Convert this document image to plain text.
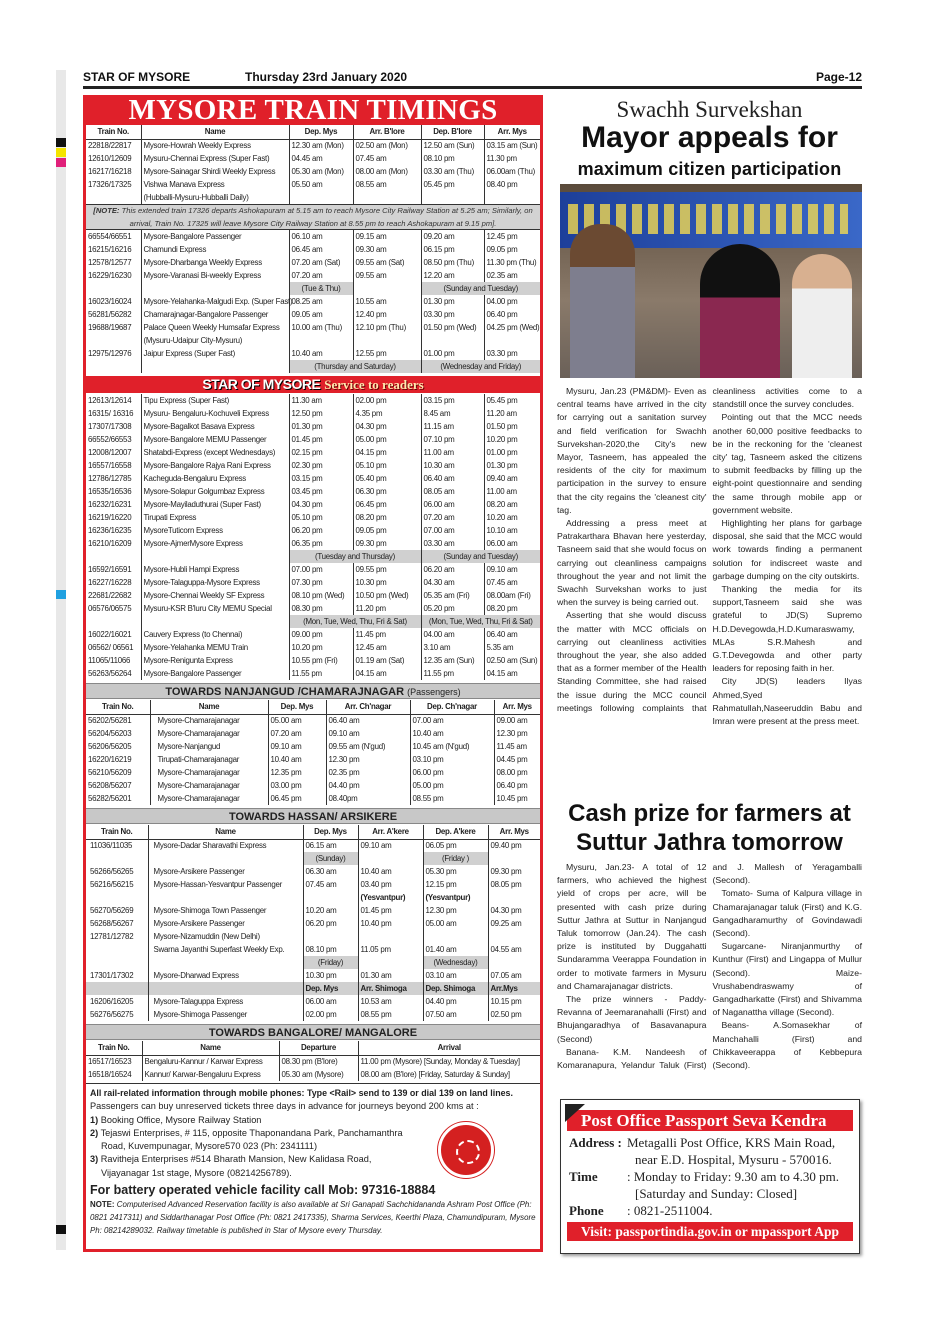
STAR OF MYSORE	Thursday 23rd January 2020	Page-12
MYSORE TRAIN TIMINGS
Train No.	Name	Dep. Mys	Arr. B'lore	Dep. B'lore	Arr. Mys
22818/22817	Mysore-Howrah Weekly Express	12.30 am (Mon)	02.50 am (Mon)	12.50 am (Sun)	03.15 am (Sun)
12610/12609	Mysuru-Chennai Express (Super Fast)	04.45 am	07.45 am	08.10 pm	11.30 pm
16217/16218	Mysore-Sainagar Shirdi Weekly Express	05.30 am (Mon)	08.00 am (Mon)	03.30 am (Thu)	06.00am (Thu)
17326/17325	Vishwa Manava Express	05.50 am	08.55 am	05.45 pm	08.40 pm
	(Hubballi-Mysuru-Hubballi Daily)				
[NOTE: This extended train 17326 departs Ashokapuram at 5.15 am to reach Mysore City Railway Station at 5.25 am; Similarly, on arrival, Train No. 17325 will leave Mysore City Railway Station at 8.55 pm to reach Ashokapuram at 9.15 pm].
66554/66551	Mysore-Bangalore Passenger	06.10 am	09.15 am	09.20 am	12.45 pm
16215/16216	Chamundi Express	06.45 am	09.30 am	06.15 pm	09.05 pm
12578/12577	Mysore-Dharbanga Weekly Express	07.20 am (Sat)	09.55 am (Sat)	08.50 pm (Thu)	11.30 pm (Thu)
16229/16230	Mysore-Varanasi Bi-weekly Express	07.20 am	09.55 am	12.20 am	02.35 am
		(Tue & Thu)		(Sunday and Tuesday)	
16023/16024	Mysore-Yelahanka-Malgudi Exp. (Super Fast)	08.25 am	10.55 am	01.30 pm	04.00 pm
56281/56282	Chamarajnagar-Bangalore Passenger	09.05 am	12.40 pm	03.30 pm	06.40 pm
19688/19687	Palace Queen Weekly Humsafar Express	10.00 am (Thu)	12.10 pm (Thu)	01.50 pm (Wed)	04.25 pm (Wed)
	(Mysuru-Udaipur City-Mysuru)				
12975/12976	Jaipur Express (Super Fast)	10.40 am	12.55 pm	01.00 pm	03.30 pm
		(Thursday and Saturday)		(Wednesday and Friday)	
STAR OF MYSORE Service to readers
12613/12614	Tipu Express (Super Fast)	11.30 am	02.00 pm	03.15 pm	05.45 pm
16315/ 16316	Mysuru- Bengaluru-Kochuveli Express	12.50 pm	4.35 pm	8.45 am	11.20 am
17307/17308	Mysore-Bagalkot Basava Express	01.30 pm	04.30 pm	11.15 am	01.50 pm
66552/66553	Mysore-Bangalore MEMU Passenger	01.45 pm	05.00 pm	07.10 pm	10.20 pm
12008/12007	Shatabdi-Express (except Wednesdays)	02.15 pm	04.15 pm	11.00 am	01.00 pm
16557/16558	Mysore-Bangalore Rajya Rani Express	02.30 pm	05.10 pm	10.30 am	01.30 pm
12786/12785	Kacheguda-Bengaluru Express	03.15 pm	05.40 pm	06.40 am	09.40 am
16535/16536	Mysore-Solapur Golgumbaz Express	03.45 pm	06.30 pm	08.05 am	11.00 am
16232/16231	Mysore-Mayiladuthurai (Super Fast)	04.30 pm	06.45 pm	06.00 am	08.20 am
16219/16220	Tirupati Express	05.10 pm	08.20 pm	07.20 am	10.20 am
16236/16235	MysoreTuticorn Express	06.20 pm	09.05 pm	07.00 am	10.10 am
16210/16209	Mysore-AjmerMysore Express	06.35 pm	09.30 pm	03.30 am	06.00 am
		(Tuesday and Thursday)		(Sunday and Tuesday)	
16592/16591	Mysore-Hubli Hampi Express	07.00 pm	09.55 pm	06.20 am	09.10 am
16227/16228	Mysore-Talaguppa-Mysore Express	07.30 pm	10.30 pm	04.30 am	07.45 am
22681/22682	Mysore-Chennai Weekly SF Express	08.10 pm (Wed)	10.50 pm (Wed)	05.35 am (Fri)	08.00am (Fri)
06576/06575	Mysuru-KSR B'luru City MEMU Special	08.30 pm	11.20 pm	05.20 pm	08.20 pm
		(Mon, Tue, Wed, Thu, Fri & Sat)		(Mon, Tue, Wed, Thu, Fri & Sat)	
16022/16021	Cauvery Express (to Chennai)	09.00 pm	11.45 pm	04.00 am	06.40 am
06562/ 06561	Mysore-Yelahanka MEMU Train	10.20 pm	12.45 am	3.10 am	5.35 am
11065/11066	Mysore-Renigunta Express	10.55 pm (Fri)	01.19 am (Sat)	12.35 am (Sun)	02.50 am (Sun)
56263/56264	Mysore-Bangalore Passenger	11.55 pm	04.15 am	11.55 pm	04.15 am
TOWARDS NANJANGUD /CHAMARAJNAGAR (Passengers)
Train No.	Name	Dep. Mys	Arr. Ch'nagar	Dep. Ch'nagar	Arr. Mys
56202/56281	Mysore-Chamarajanagar	05.00 am	06.40 am	07.00 am	09.00 am
56204/56203	Mysore-Chamarajanagar	07.20 am	09.10 am	10.40 am	12.30 pm
56206/56205	Mysore-Nanjangud	09.10 am	09.55 am (N'gud)	10.45 am (N'gud)	11.45 am
16220/16219	Tirupati-Chamarajanagar	10.40 am	12.30 pm	03.10 pm	04.45 pm
56210/56209	Mysore-Chamarajanagar	12.35 pm	02.35 pm	06.00 pm	08.00 pm
56208/56207	Mysore-Chamarajanagar	03.00 pm	04.40 pm	05.00 pm	06.40 pm
56282/56201	Mysore-Chamarajanagar	06.45 pm	08.40pm	08.55 pm	10.45 pm
TOWARDS HASSAN/ ARSIKERE
Train No.	Name	Dep. Mys	Arr. A'kere	Dep. A'kere	Arr. Mys
11036/11035	Mysore-Dadar Sharavathi Express	06.15 am	09.10 am	06.05 pm	09.40 pm
		(Sunday)		(Friday )	
56266/56265	Mysore-Arsikere Passenger	06.30 am	10.40 am	05.30 pm	09.30 pm
56216/56215	Mysore-Hassan-Yesvantpur Passenger	07.45 am	03.40 pm	12.15 pm	08.05 pm
			(Yesvantpur)	(Yesvantpur)	
56270/56269	Mysore-Shimoga Town Passenger	10.20 am	01.45 pm	12.30 pm	04.30 pm
56268/56267	Mysore-Arsikere Passenger	06.20 pm	10.40 pm	05.00 am	09.25 am
12781/12782	Mysore-Nizamuddin (New Delhi)				
	Swarna Jayanthi Superfast Weekly Exp.	08.10 pm	11.05 pm	01.40 am	04.55 am
		(Friday)		(Wednesday)	
17301/17302	Mysore-Dharwad Express	10.30 pm	01.30 am	03.10 am	07.05 am
		Dep. Mys	Arr. Shimoga	Dep. Shimoga	Arr.Mys
16206/16205	Mysore-Talaguppa Express	06.00 am	10.53 am	04.40 pm	10.15 pm
56276/56275	Mysore-Shimoga Passenger	02.00 pm	08.55 pm	07.50 am	02.50 pm
TOWARDS BANGALORE/ MANGALORE
Train No.	Name	Departure	Arrival
16517/16523	Bengaluru-Kannur / Karwar Express	08.30 pm (B'lore)	11.00 pm (Mysore) [Sunday, Monday & Tuesday]
16518/16524	Kannur/ Karwar-Bengaluru Express	05.30 am (Mysore)	08.00 am (B'lore) [Friday, Saturday & Sunday]
All rail-related information through mobile phones: Type <Rail> send to 139 or dial 139 on land lines.
Passengers can buy unreserved tickets three days in advance for journeys beyond 200 kms at :
1) Booking Office, Mysore Railway Station
2) Tejaswi Enterprises, # 115, opposite Thaponandana Park, Panchamanthra
Road, Kuvempunagar, Mysore570 023 (Ph: 2341111)
3) Ravitheja Enterprises #514 Bharath Mansion, New Kalidasa Road,
Vijayanagar 1st stage, Mysore (08214256789).
For battery operated vehicle facility call Mob: 97316-18884
NOTE: Computerised Advanced Reservation facility is also available at Sri Ganapati Sachchidananda Ashram Post Office (Ph: 0821 2417311) and Siddarthanagar Post Office (Ph: 0821 2417335), Sharma Services, Keerthi Plaza, Chamundipuram, Mysore Ph: 08214289032. Railway timetable is published in Star of Mysore every Thursday.
Swachh Survekshan
Mayor appeals for
maximum citizen participation

Mysuru, Jan.23 (PM&DM)- Even as central teams have arrived in the city for carrying out a sanitation survey and field verification for Swachh Survekshan-2020,the City's new Mayor, Tasneem, has appealed the residents of the city for maximum participation in the survey to ensure that the city regains the 'cleanest city' tag.

Addressing a press meet at Patrakarthara Bhavan here yesterday, Tasneem said that she would focus on carrying out cleanliness campaigns throughout the year and not limit the Swachh Survekshan works to just when the survey is being carried out.

Asserting that she would discuss the matter with MCC officials on carrying out cleanliness activities throughout the year, she also added that as a former member of the Health Standing Committee, she had raised the issue during the MCC council meetings following complaints that cleanliness activities come to a standstill once the survey concludes.

Pointing out that the MCC needs another 60,000 positive feedbacks to be in the reckoning for the 'cleanest city' tag, Tasneem asked the citizens to submit feedbacks by filling up the eight-point questionnaire and sending the same through mobile app or government website.

Highlighting her plans for garbage disposal, she said that the MCC would work towards finding a permanent solution for indiscreet waste and garbage dumping on the city outskirts.

Thanking the media for its support,Tasneem said she was grateful to JD(S) Supremo H.D.Devegowda,H.D.Kumaraswamy, MLAs S.R.Mahesh and G.T.Devegowda and other party leaders for reposing faith in her.

City JD(S) leaders Ilyas Ahmed,Syed Rahmatullah,Naseeruddin Babu and Imran were present at the press meet.

Cash prize for farmers at Suttur Jathra tomorrow

Mysuru, Jan.23- A total of 12 farmers, who achieved the highest yield of crops per acre, will be presented with cash prize during Suttur Jathra at Suttur in Nanjangud Taluk tomorrow (Jan.24). The cash prize is instituted by Duggahatti Sundaramma Veerappa Foundation in order to motivate farmers in Mysuru and Chamarajanagar districts.

The prize winners - Paddy- Revanna of Jeemaranahalli (First) and Bhujangaradhya of Basavanapura (Second)

Banana- K.M. Nandeesh of Komaranapura, Yelandur Taluk (First) and J. Mallesh of Yeragamballi (Second).

Tomato- Suma of Kalpura village in Chamarajanagar taluk (First) and K.G. Gangadharamurthy of Govindawadi (Second).

Sugarcane- Niranjanmurthy of Kunthur (First) and Lingappa of Mullur (Second). Maize- Vrushabendraswamy of Gangadharkatte (First) and Shivamma of Naganattha village (Second).

Beans- A.Somasekhar of Manchahalli (First) and Chikkaveerappa of Kebbepura (Second).

Post Office Passport Seva Kendra
Address : Metagalli Post Office, KRS Main Road,
near E.D. Hospital, Mysuru - 570016.
Time	: Monday to Friday: 9.30 am to 4.30 pm.
[Saturday and Sunday: Closed]
Phone	: 0821-2511004.
Visit: passportindia.gov.in or mpassport App
